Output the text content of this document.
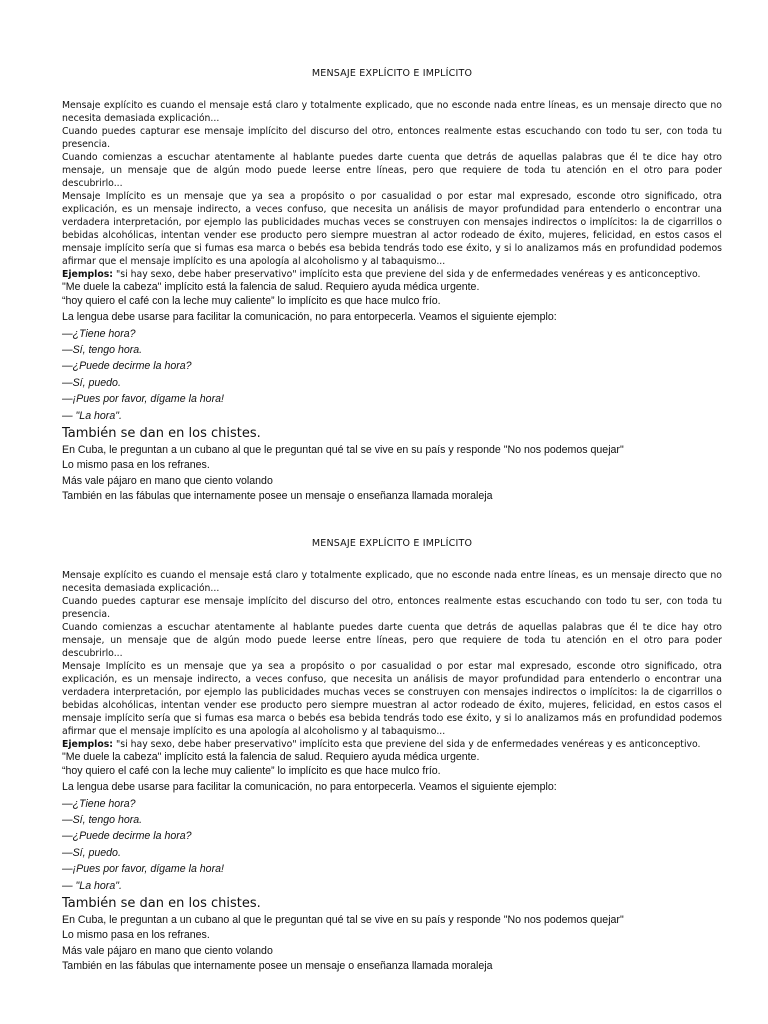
MENSAJE EXPLÍCITO E IMPLÍCITO

Mensaje explícito es cuando el mensaje está claro y totalmente explicado, que no esconde nada entre líneas, es un mensaje directo que no necesita demasiada explicación...

Cuando puedes capturar ese mensaje implícito del discurso del otro, entonces realmente estas escuchando con todo tu ser, con toda tu presencia.

Cuando comienzas a escuchar atentamente al hablante puedes darte cuenta que detrás de aquellas palabras que él te dice hay otro mensaje, un mensaje que de algún modo puede leerse entre líneas, pero que requiere de toda tu atención en el otro para poder descubrirlo...

Mensaje Implícito es un mensaje que ya sea a propósito o por casualidad o por estar mal expresado, esconde otro significado, otra explicación, es un mensaje indirecto, a veces confuso, que necesita un análisis de mayor profundidad para entenderlo o encontrar una verdadera interpretación, por ejemplo las publicidades muchas veces se construyen con mensajes indirectos o implícitos: la de cigarrillos o bebidas alcohólicas, intentan vender ese producto pero siempre muestran al actor rodeado de éxito, mujeres, felicidad, en estos casos el mensaje implícito sería que si fumas esa marca o bebés esa bebida tendrás todo ese éxito, y si lo analizamos más en profundidad podemos afirmar que el mensaje implícito es una apología al alcoholismo y al tabaquismo...

Ejemplos: "si hay sexo, debe haber preservativo" implícito esta que previene del sida y de enfermedades venéreas y es anticonceptivo.

"Me duele la cabeza" implícito está la falencia de salud. Requiero ayuda médica urgente.

“hoy quiero el café con la leche muy caliente” lo implícito es que hace mulco frío.

La lengua debe usarse para facilitar la comunicación, no para entorpecerla. Veamos el siguiente ejemplo:

—¿Tiene hora?

—Sí, tengo hora.

—¿Puede decirme la hora?

—Sí, puedo.

—¡Pues por favor, dígame la hora!

— "La hora".

También se dan en los chistes.

En Cuba, le preguntan a un cubano al que le preguntan qué tal se vive en su país y responde "No nos podemos quejar"

Lo mismo pasa en los refranes.

Más vale pájaro en mano que ciento volando

También en las fábulas que internamente posee un mensaje o enseñanza llamada moraleja

MENSAJE EXPLÍCITO E IMPLÍCITO

Mensaje explícito es cuando el mensaje está claro y totalmente explicado, que no esconde nada entre líneas, es un mensaje directo que no necesita demasiada explicación...

Cuando puedes capturar ese mensaje implícito del discurso del otro, entonces realmente estas escuchando con todo tu ser, con toda tu presencia.

Cuando comienzas a escuchar atentamente al hablante puedes darte cuenta que detrás de aquellas palabras que él te dice hay otro mensaje, un mensaje que de algún modo puede leerse entre líneas, pero que requiere de toda tu atención en el otro para poder descubrirlo...

Mensaje Implícito es un mensaje que ya sea a propósito o por casualidad o por estar mal expresado, esconde otro significado, otra explicación, es un mensaje indirecto, a veces confuso, que necesita un análisis de mayor profundidad para entenderlo o encontrar una verdadera interpretación, por ejemplo las publicidades muchas veces se construyen con mensajes indirectos o implícitos: la de cigarrillos o bebidas alcohólicas, intentan vender ese producto pero siempre muestran al actor rodeado de éxito, mujeres, felicidad, en estos casos el mensaje implícito sería que si fumas esa marca o bebés esa bebida tendrás todo ese éxito, y si lo analizamos más en profundidad podemos afirmar que el mensaje implícito es una apología al alcoholismo y al tabaquismo...

Ejemplos: "si hay sexo, debe haber preservativo" implícito esta que previene del sida y de enfermedades venéreas y es anticonceptivo.

"Me duele la cabeza" implícito está la falencia de salud. Requiero ayuda médica urgente.

“hoy quiero el café con la leche muy caliente” lo implícito es que hace mulco frío.

La lengua debe usarse para facilitar la comunicación, no para entorpecerla. Veamos el siguiente ejemplo:

—¿Tiene hora?

—Sí, tengo hora.

—¿Puede decirme la hora?

—Sí, puedo.

—¡Pues por favor, dígame la hora!

— "La hora".

También se dan en los chistes.

En Cuba, le preguntan a un cubano al que le preguntan qué tal se vive en su país y responde "No nos podemos quejar"

Lo mismo pasa en los refranes.

Más vale pájaro en mano que ciento volando

También en las fábulas que internamente posee un mensaje o enseñanza llamada moraleja
